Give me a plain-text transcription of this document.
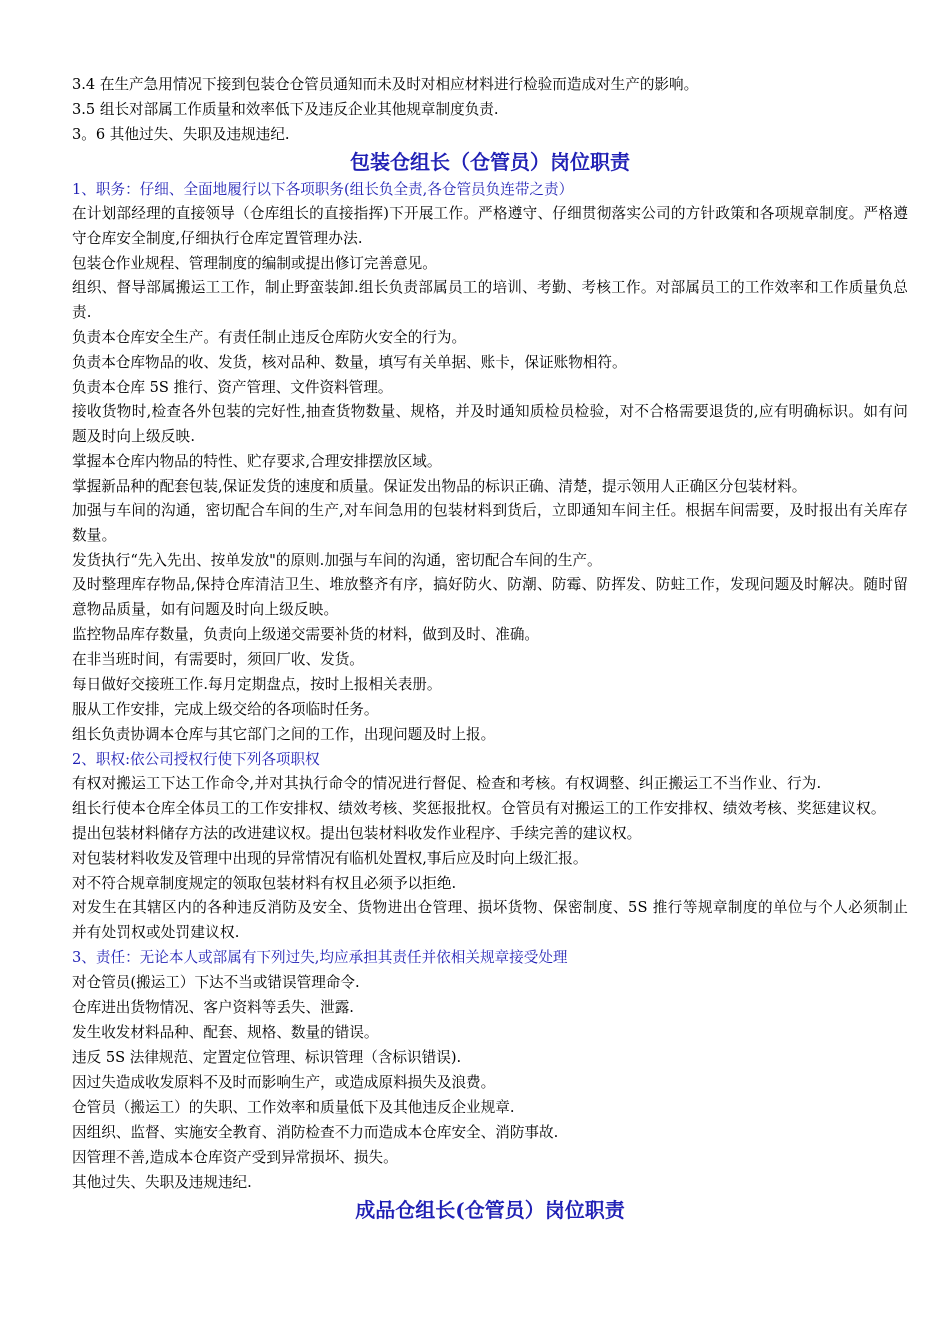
3.4 在生产急用情况下接到包装仓仓管员通知而未及时对相应材料进行检验而造成对生产的影响。
3.5 组长对部属工作质量和效率低下及违反企业其他规章制度负责.
3。6 其他过失、失职及违规违纪.
包装仓组长（仓管员）岗位职责
1、职务：仔细、全面地履行以下各项职务(组长负全责,各仓管员负连带之责）
在计划部经理的直接领导（仓库组长的直接指挥)下开展工作。严格遵守、仔细贯彻落实公司的方针政策和各项规章制度。严格遵守仓库安全制度,仔细执行仓库定置管理办法.
包装仓作业规程、管理制度的编制或提出修订完善意见。
组织、督导部属搬运工工作，制止野蛮装卸.组长负责部属员工的培训、考勤、考核工作。对部属员工的工作效率和工作质量负总责.
负责本仓库安全生产。有责任制止违反仓库防火安全的行为。
负责本仓库物品的收、发货，核对品种、数量，填写有关单据、账卡，保证账物相符。
负责本仓库 5S 推行、资产管理、文件资料管理。
接收货物时,检查各外包装的完好性,抽查货物数量、规格，并及时通知质检员检验，对不合格需要退货的,应有明确标识。如有问题及时向上级反映.
掌握本仓库内物品的特性、贮存要求,合理安排摆放区域。
掌握新品种的配套包装,保证发货的速度和质量。保证发出物品的标识正确、清楚，提示领用人正确区分包装材料。
加强与车间的沟通，密切配合车间的生产,对车间急用的包装材料到货后，立即通知车间主任。根据车间需要，及时报出有关库存数量。
发货执行“先入先出、按单发放"的原则.加强与车间的沟通，密切配合车间的生产。
及时整理库存物品,保持仓库清洁卫生、堆放整齐有序，搞好防火、防潮、防霉、防挥发、防蛀工作，发现问题及时解决。随时留意物品质量，如有问题及时向上级反映。
监控物品库存数量，负责向上级递交需要补货的材料，做到及时、准确。
在非当班时间，有需要时，须回厂收、发货。
每日做好交接班工作.每月定期盘点，按时上报相关表册。
服从工作安排，完成上级交给的各项临时任务。
组长负责协调本仓库与其它部门之间的工作，出现问题及时上报。
2、职权:依公司授权行使下列各项职权
有权对搬运工下达工作命令,并对其执行命令的情况进行督促、检查和考核。有权调整、纠正搬运工不当作业、行为.
组长行使本仓库全体员工的工作安排权、绩效考核、奖惩报批权。仓管员有对搬运工的工作安排权、绩效考核、奖惩建议权。
提出包装材料储存方法的改进建议权。提出包装材料收发作业程序、手续完善的建议权。
对包装材料收发及管理中出现的异常情况有临机处置权,事后应及时向上级汇报。
对不符合规章制度规定的领取包装材料有权且必须予以拒绝.
对发生在其辖区内的各种违反消防及安全、货物进出仓管理、损坏货物、保密制度、5S 推行等规章制度的单位与个人必须制止并有处罚权或处罚建议权.
3、责任：无论本人或部属有下列过失,均应承担其责任并依相关规章接受处理
对仓管员(搬运工）下达不当或错误管理命令.
仓库进出货物情况、客户资料等丢失、泄露.
发生收发材料品种、配套、规格、数量的错误。
违反 5S 法律规范、定置定位管理、标识管理（含标识错误).
因过失造成收发原料不及时而影响生产，或造成原料损失及浪费。
仓管员（搬运工）的失职、工作效率和质量低下及其他违反企业规章.
因组织、监督、实施安全教育、消防检查不力而造成本仓库安全、消防事故.
因管理不善,造成本仓库资产受到异常损坏、损失。
其他过失、失职及违规违纪.
成品仓组长(仓管员）岗位职责
